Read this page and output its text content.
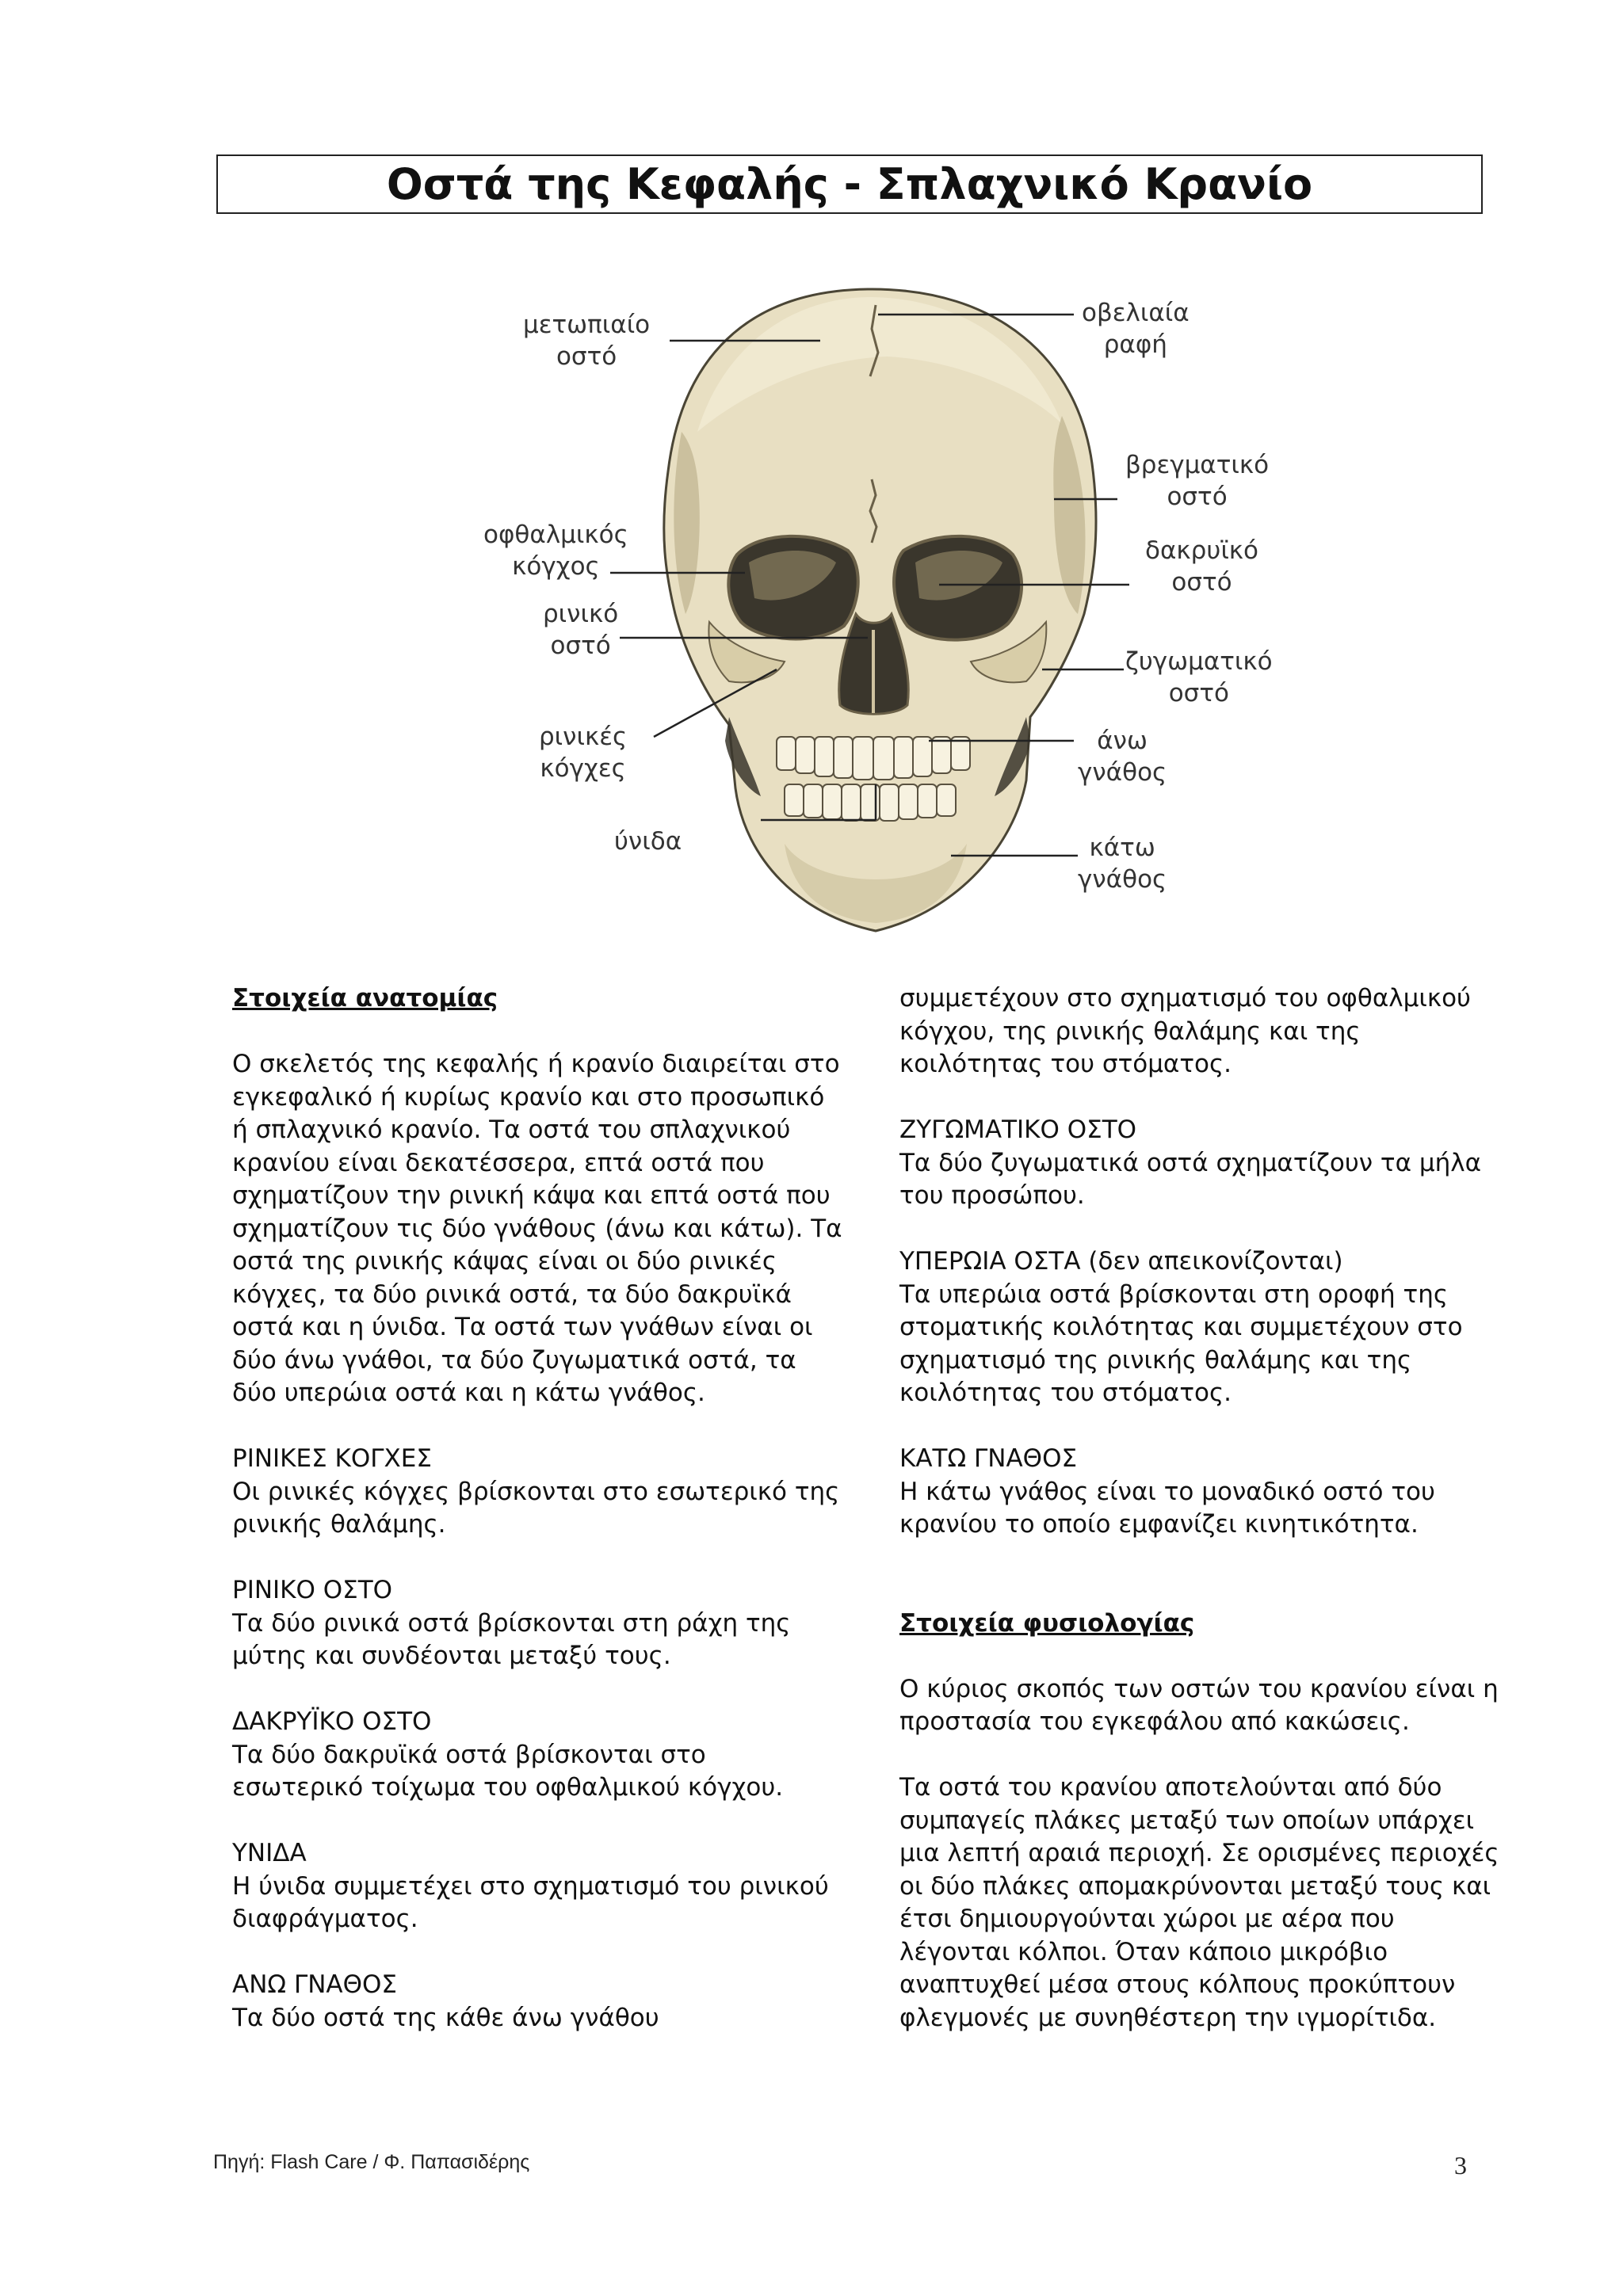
Οστά της Κεφαλής - Σπλαχνικό Κρανίο
μετωπιαίο
οστό
οβελιαία
ραφή
βρεγματικό
οστό
οφθαλμικός
κόγχος
δακρυϊκό
οστό
ρινικό
οστό
ζυγωματικό
οστό
ρινικές
κόγχες
άνω
γνάθος
ύνιδα	κάτω
γνάθος

Στοιχεία ανατομίας

Ο σκελετός της κεφαλής ή κρανίο διαιρείται στο εγκεφαλικό ή κυρίως κρανίο και στο προσωπικό ή σπλαχνικό κρανίο. Τα οστά του σπλαχνικού κρανίου είναι δεκατέσσερα, επτά οστά που σχηματίζουν την ρινική κάψα και επτά οστά που σχηματίζουν τις δύο γνάθους (άνω και κάτω). Τα οστά της ρινικής κάψας είναι οι δύο ρινικές κόγχες, τα δύο ρινικά οστά, τα δύο δακρυϊκά οστά και η ύνιδα. Τα οστά των γνάθων είναι οι δύο άνω γνάθοι, τα δύο ζυγωματικά οστά, τα δύο υπερώια οστά και η κάτω γνάθος.

ΡΙΝΙΚΕΣ ΚΟΓΧΕΣ

Οι ρινικές κόγχες βρίσκονται στο εσωτερικό της ρινικής θαλάμης.

ΡΙΝΙΚΟ ΟΣΤΟ

Τα δύο ρινικά οστά βρίσκονται στη ράχη της μύτης και συνδέονται μεταξύ τους.

ΔΑΚΡΥΪΚΟ ΟΣΤΟ

Τα δύο δακρυϊκά οστά βρίσκονται στο εσωτερικό τοίχωμα του οφθαλμικού κόγχου.

ΥΝΙΔΑ

Η ύνιδα συμμετέχει στο σχηματισμό του ρινικού διαφράγματος.

ΑΝΩ ΓΝΑΘΟΣ

Τα δύο οστά της κάθε άνω γνάθου

συμμετέχουν στο σχηματισμό του οφθαλμικού κόγχου, της ρινικής θαλάμης και της κοιλότητας του στόματος.

ΖΥΓΩΜΑΤΙΚΟ ΟΣΤΟ

Τα δύο ζυγωματικά οστά σχηματίζουν τα μήλα του προσώπου.

ΥΠΕΡΩΙΑ ΟΣΤΑ (δεν απεικονίζονται)

Τα υπερώια οστά βρίσκονται στη οροφή της στοματικής κοιλότητας και συμμετέχουν στο σχηματισμό της ρινικής θαλάμης και της κοιλότητας του στόματος.

ΚΑΤΩ ΓΝΑΘΟΣ

Η κάτω γνάθος είναι το μοναδικό οστό του κρανίου το οποίο εμφανίζει κινητικότητα.

Στοιχεία φυσιολογίας

Ο κύριος σκοπός των οστών του κρανίου είναι η προστασία του εγκεφάλου από κακώσεις.

Τα οστά του κρανίου αποτελούνται από δύο συμπαγείς πλάκες μεταξύ των οποίων υπάρχει μια λεπτή αραιά περιοχή. Σε ορισμένες περιοχές οι δύο πλάκες απομακρύνονται μεταξύ τους και έτσι δημιουργούνται χώροι με αέρα που λέγονται κόλποι. Όταν κάποιο μικρόβιο αναπτυχθεί μέσα στους κόλπους προκύπτουν φλεγμονές με συνηθέστερη την ιγμορίτιδα.

Πηγή: Flash Care / Φ. Παπασιδέρης	3
